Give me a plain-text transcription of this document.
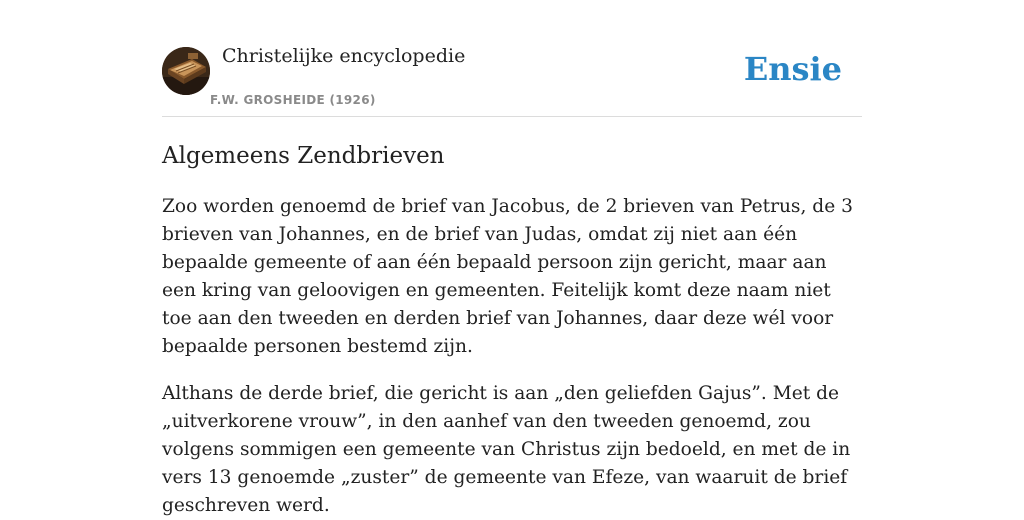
Christelijke encyclopedie
F.W. GROSHEIDE (1926)
Ensie
Algemeens Zendbrieven

Zoo worden genoemd de brief van Jacobus, de 2 brieven van Petrus, de 3 brieven van Johannes, en de brief van Judas, omdat zij niet aan één bepaalde gemeente of aan één bepaald persoon zijn gericht, maar aan een kring van geloovigen en gemeenten. Feitelijk komt deze naam niet toe aan den tweeden en derden brief van Johannes, daar deze wél voor bepaalde personen bestemd zijn.

Althans de derde brief, die gericht is aan „den geliefden Gajus”. Met de „uitverkorene vrouw”, in den aanhef van den tweeden genoemd, zou volgens sommigen een gemeente van Christus zijn bedoeld, en met de in vers 13 genoemde „zuster” de gemeente van Efeze, van waaruit de brief geschreven werd.
